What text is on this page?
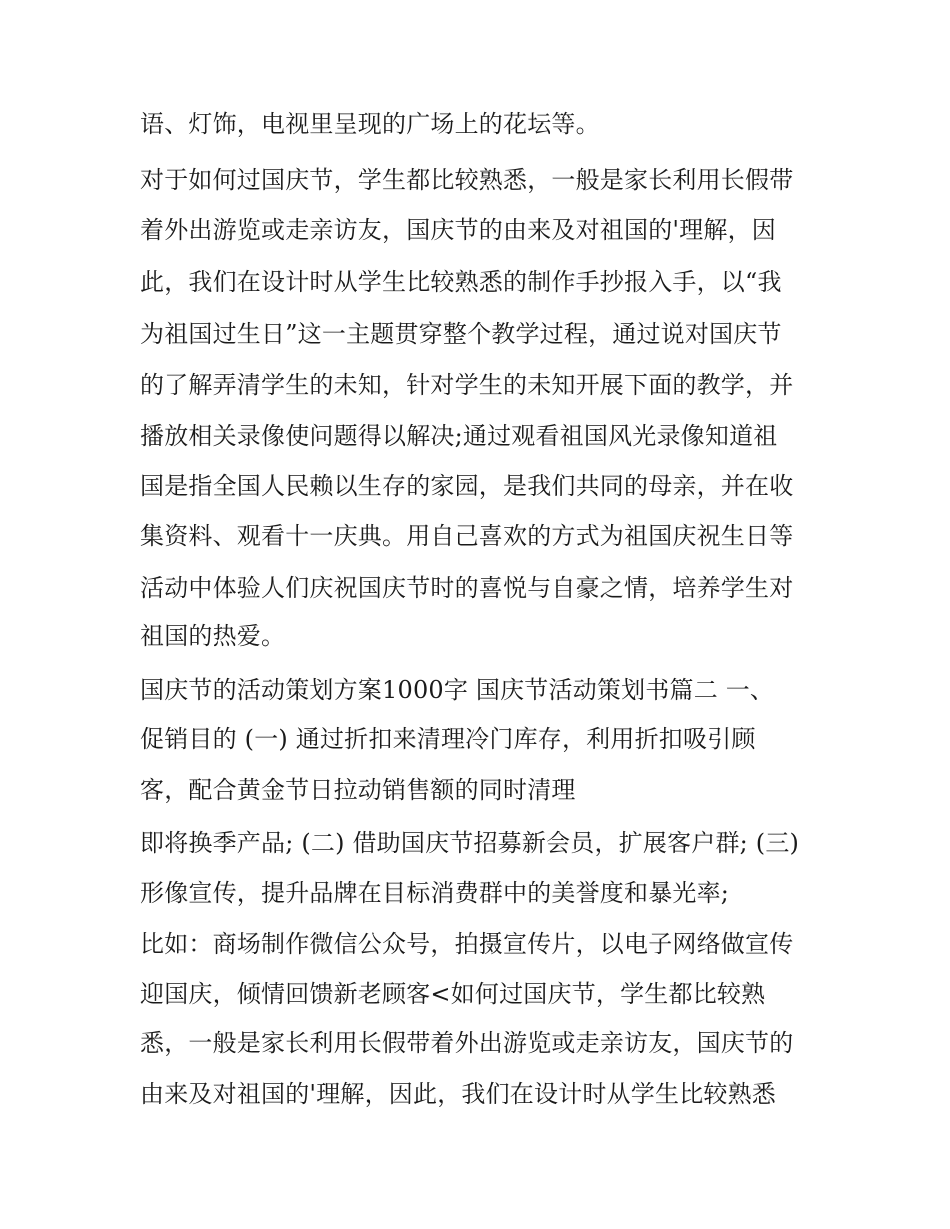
语、灯饰，电视里呈现的广场上的花坛等。
对于如何过国庆节，学生都比较熟悉，一般是家长利用长假带
着外出游览或走亲访友，国庆节的由来及对祖国的'理解，因
此，我们在设计时从学生比较熟悉的制作手抄报入手，以“我
为祖国过生日”这一主题贯穿整个教学过程，通过说对国庆节
的了解弄清学生的未知，针对学生的未知开展下面的教学，并
播放相关录像使问题得以解决;通过观看祖国风光录像知道祖
国是指全国人民赖以生存的家园，是我们共同的母亲，并在收
集资料、观看十一庆典。用自己喜欢的方式为祖国庆祝生日等
活动中体验人们庆祝国庆节时的喜悦与自豪之情，培养学生对
祖国的热爱。
国庆节的活动策划方案1000字 国庆节活动策划书篇二 一、
促销目的 (一) 通过折扣来清理冷门库存，利用折扣吸引顾
客，配合黄金节日拉动销售额的同时清理
即将换季产品; (二) 借助国庆节招募新会员，扩展客户群; (三)
形像宣传，提升品牌在目标消费群中的美誉度和暴光率;
比如：商场制作微信公众号，拍摄宣传片，以电子网络做宣传
迎国庆，倾情回馈新老顾客<如何过国庆节，学生都比较熟
悉，一般是家长利用长假带着外出游览或走亲访友，国庆节的
由来及对祖国的'理解，因此，我们在设计时从学生比较熟悉
